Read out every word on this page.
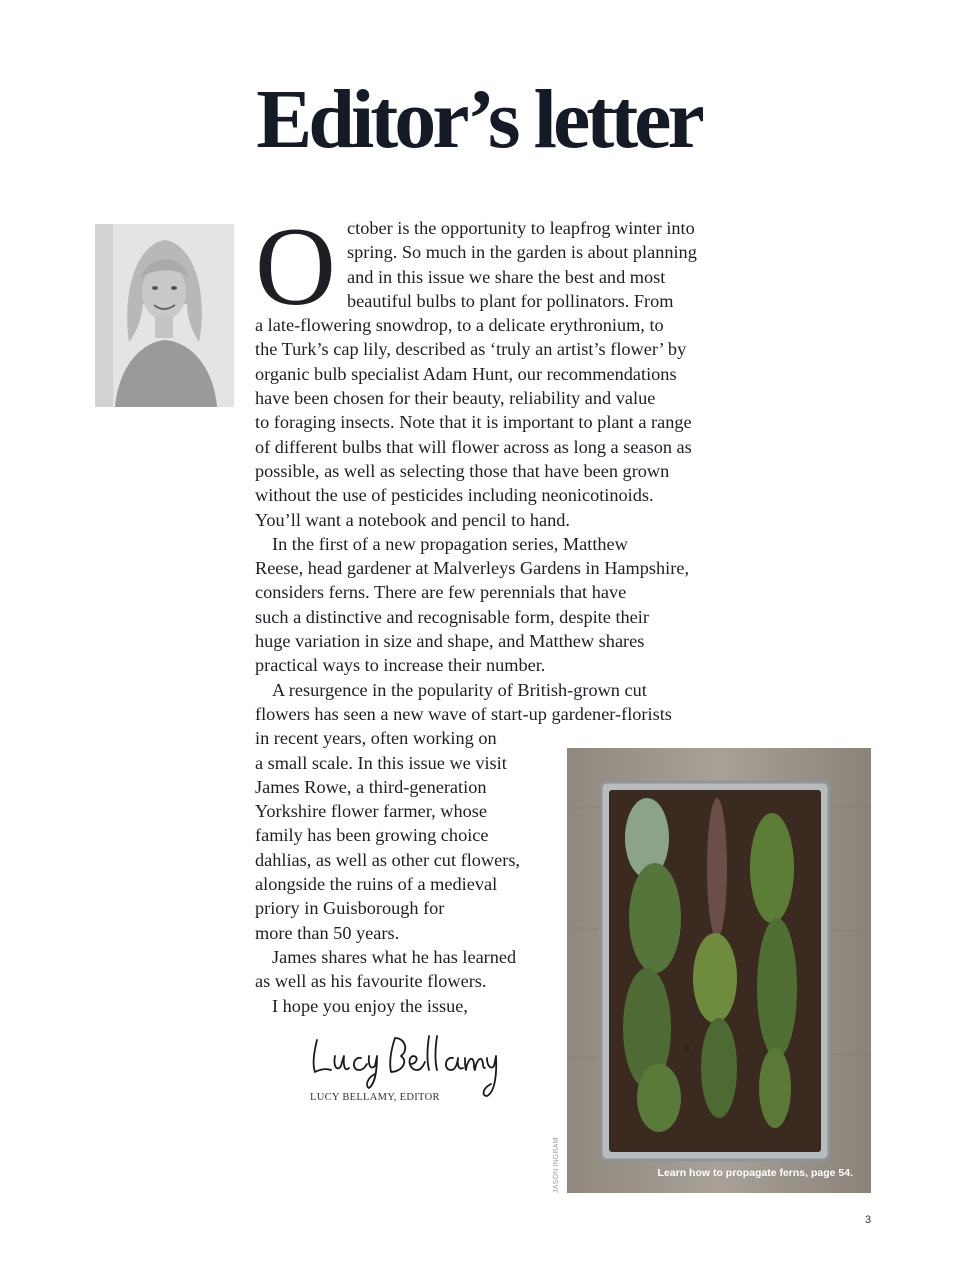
Editor’s letter
O ctober is the opportunity to leapfrog winter into
spring. So much in the garden is about planning
and in this issue we share the best and most
beautiful bulbs to plant for pollinators. From
a late-flowering snowdrop, to a delicate erythronium, to
the Turk’s cap lily, described as ‘truly an artist’s flower’ by
organic bulb specialist Adam Hunt, our recommendations
have been chosen for their beauty, reliability and value
to foraging insects. Note that it is important to plant a range
of different bulbs that will flower across as long a season as
possible, as well as selecting those that have been grown
without the use of pesticides including neonicotinoids.
You’ll want a notebook and pencil to hand.
In the first of a new propagation series, Matthew
Reese, head gardener at Malverleys Gardens in Hampshire,
considers ferns. There are few perennials that have
such a distinctive and recognisable form, despite their
huge variation in size and shape, and Matthew shares
practical ways to increase their number.
A resurgence in the popularity of British-grown cut
flowers has seen a new wave of start-up gardener-florists
in recent years, often working on
a small scale. In this issue we visit
James Rowe, a third-generation
Yorkshire flower farmer, whose
family has been growing choice
dahlias, as well as other cut flowers,
alongside the ruins of a medieval
priory in Guisborough for
more than 50 years.
James shares what he has learned
as well as his favourite flowers.
I hope you enjoy the issue,
LUCY BELLAMY, EDITOR
Learn how to propagate ferns, page 54.
JASON INGRAM
3
